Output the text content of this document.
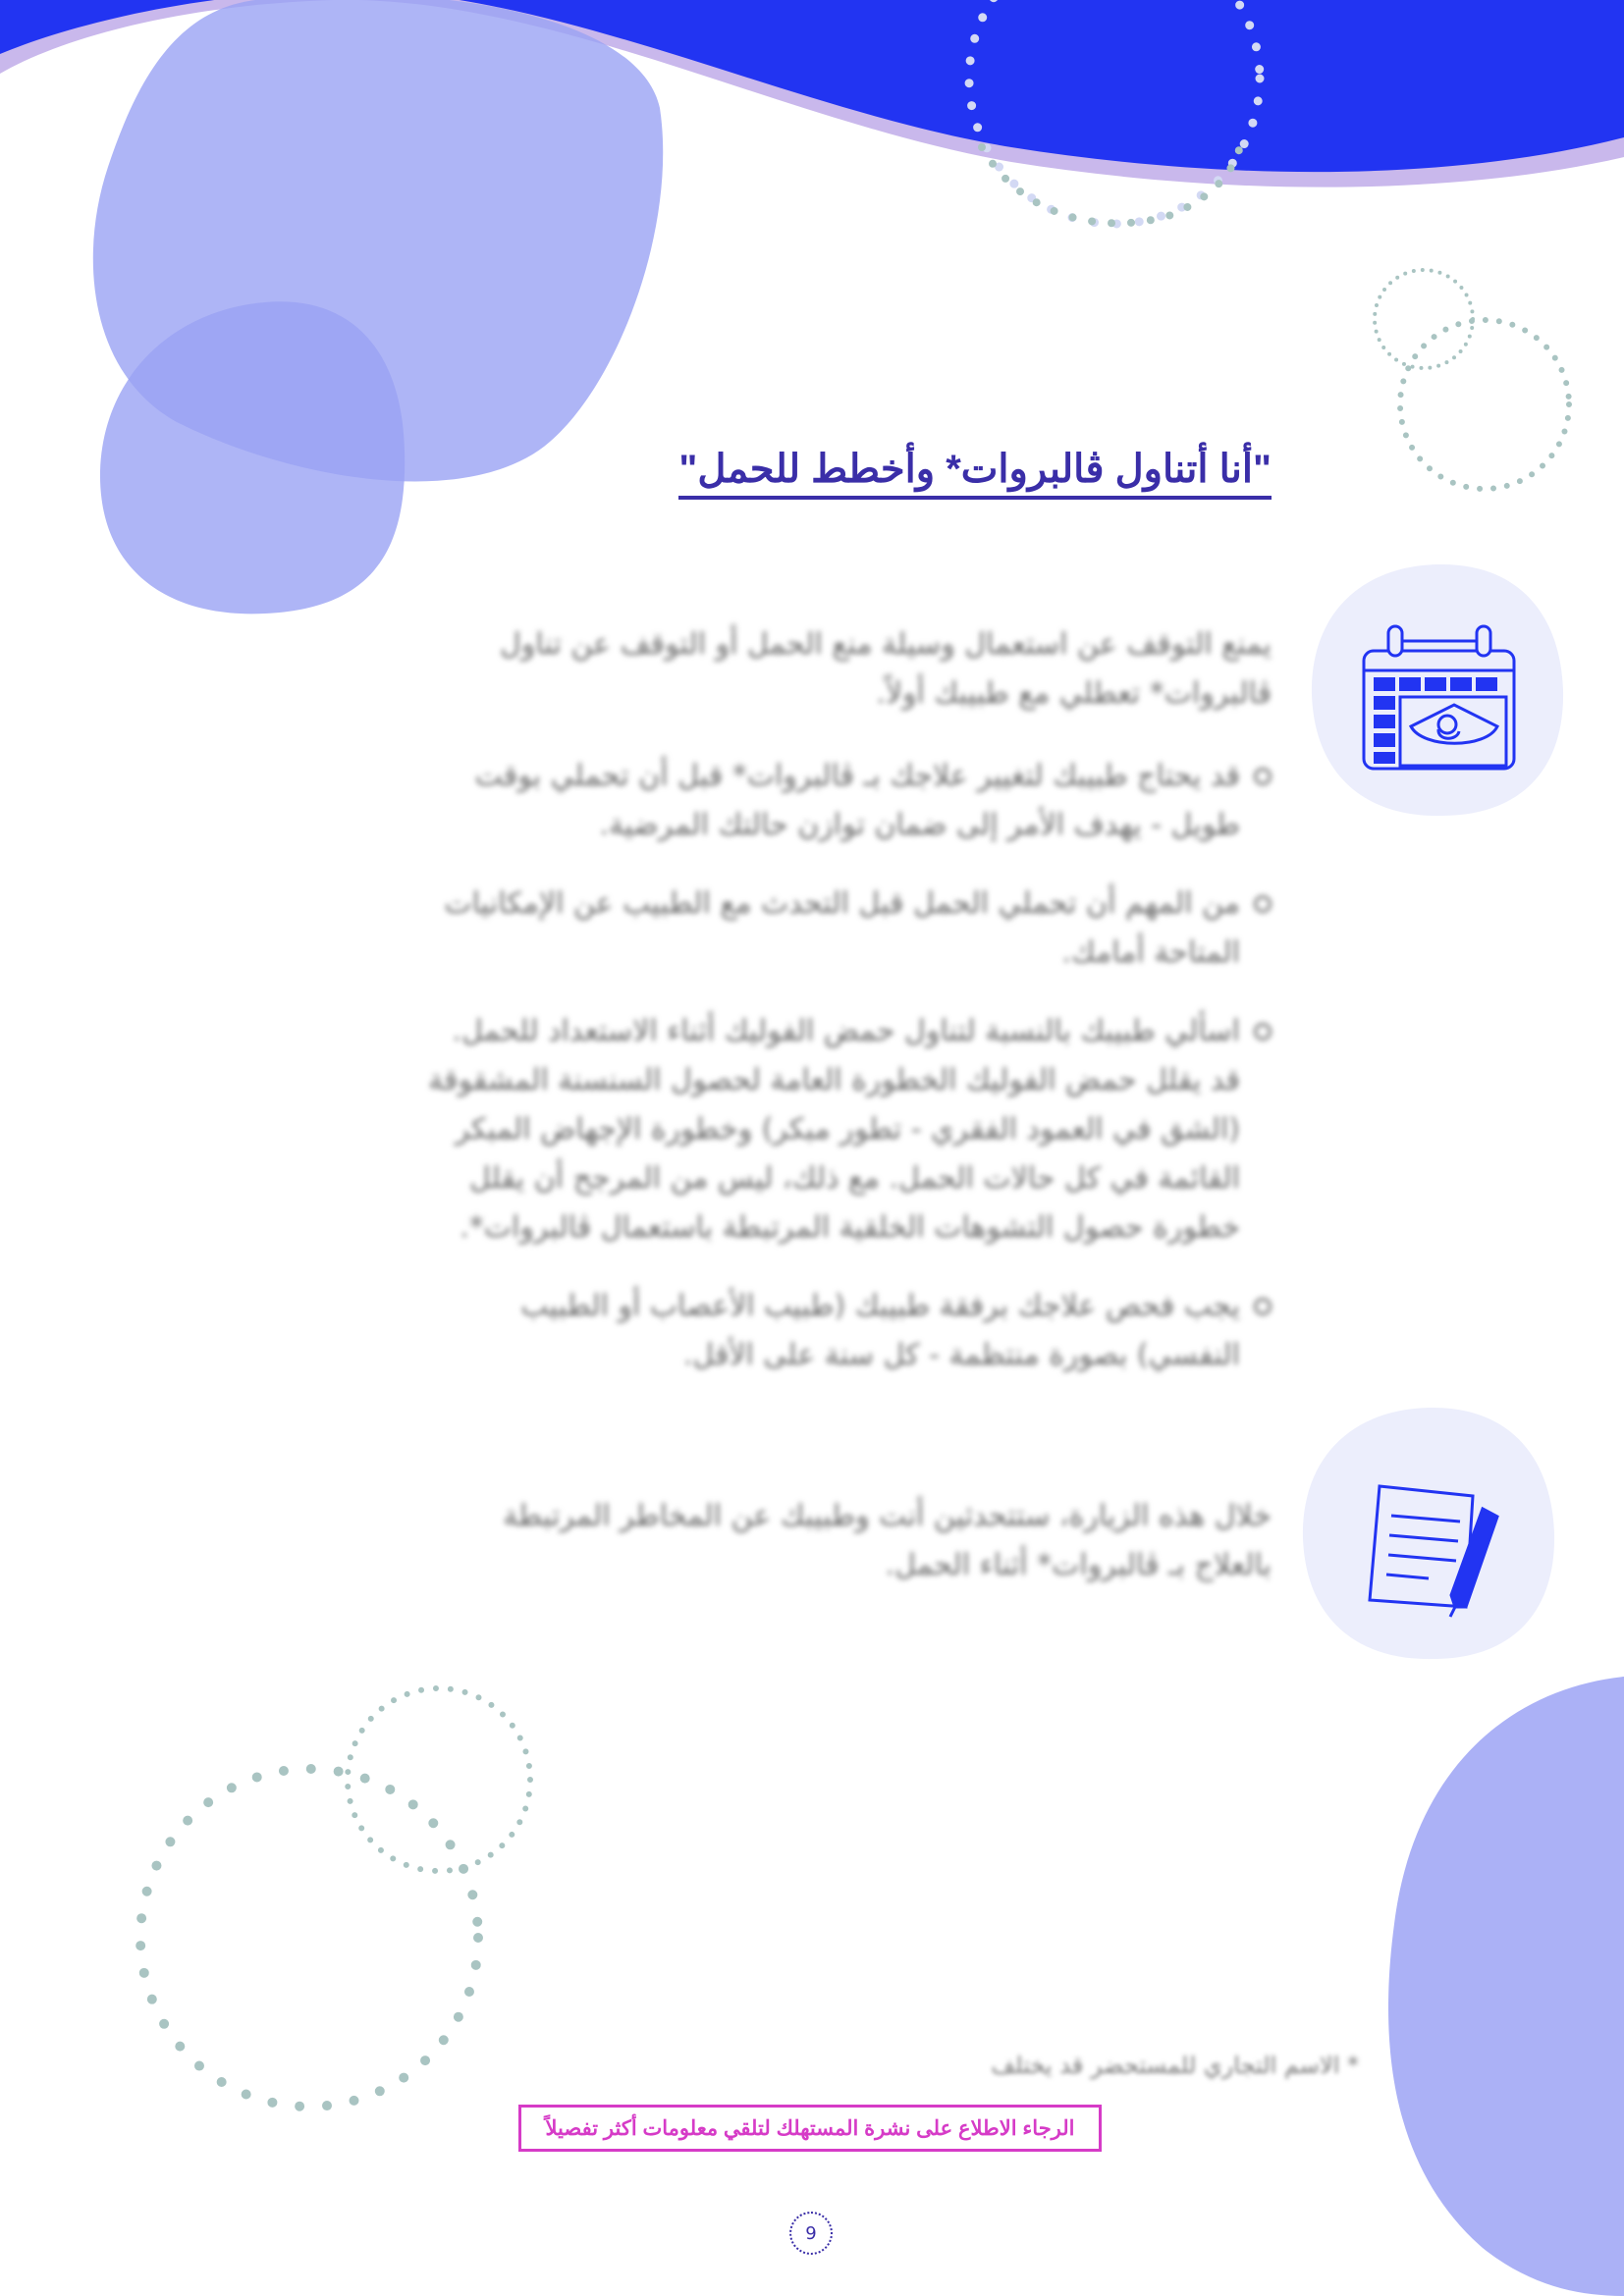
"أنا أتناول ڤالبروات* وأخطط للحمل"
يمنع التوقف عن استعمال وسيلة منع الحمل أو التوقف عن تناول ڤالبروات* تعطلي مع طبيبك أولاً.
قد يحتاج طبيبك لتغيير علاجك بـ ڤالبروات* قبل أن تحملي بوقت طويل - يهدف الأمر إلى ضمان توازن حالتك المرضية.
من المهم أن تحملي الحمل قبل التحدث مع الطبيب عن الإمكانيات المتاحة أمامك.
اسألي طبيبك بالنسبة لتناول حمض الفوليك أثناء الاستعداد للحمل. قد يقلل حمض الفوليك الخطورة العامة لحصول السنسنة المشقوقة (الشق في العمود الفقري - تطور مبكر) وخطورة الإجهاض المبكر القائمة في كل حالات الحمل. مع ذلك، ليس من المرجح أن يقلل خطورة حصول التشوهات الخلقية المرتبطة باستعمال ڤالبروات*.
يجب فحص علاجك برفقة طبيبك (طبيب الأعصاب أو الطبيب النفسي) بصورة منتظمة - كل سنة على الأقل.
خلال هذه الزيارة، ستتحدثين أنت وطبيبك عن المخاطر المرتبطة بالعلاج بـ ڤالبروات* أثناء الحمل.
* الاسم التجاري للمستحضر قد يختلف
الرجاء الاطلاع على نشرة المستهلك لتلقي معلومات أكثر تفصيلاً
9
